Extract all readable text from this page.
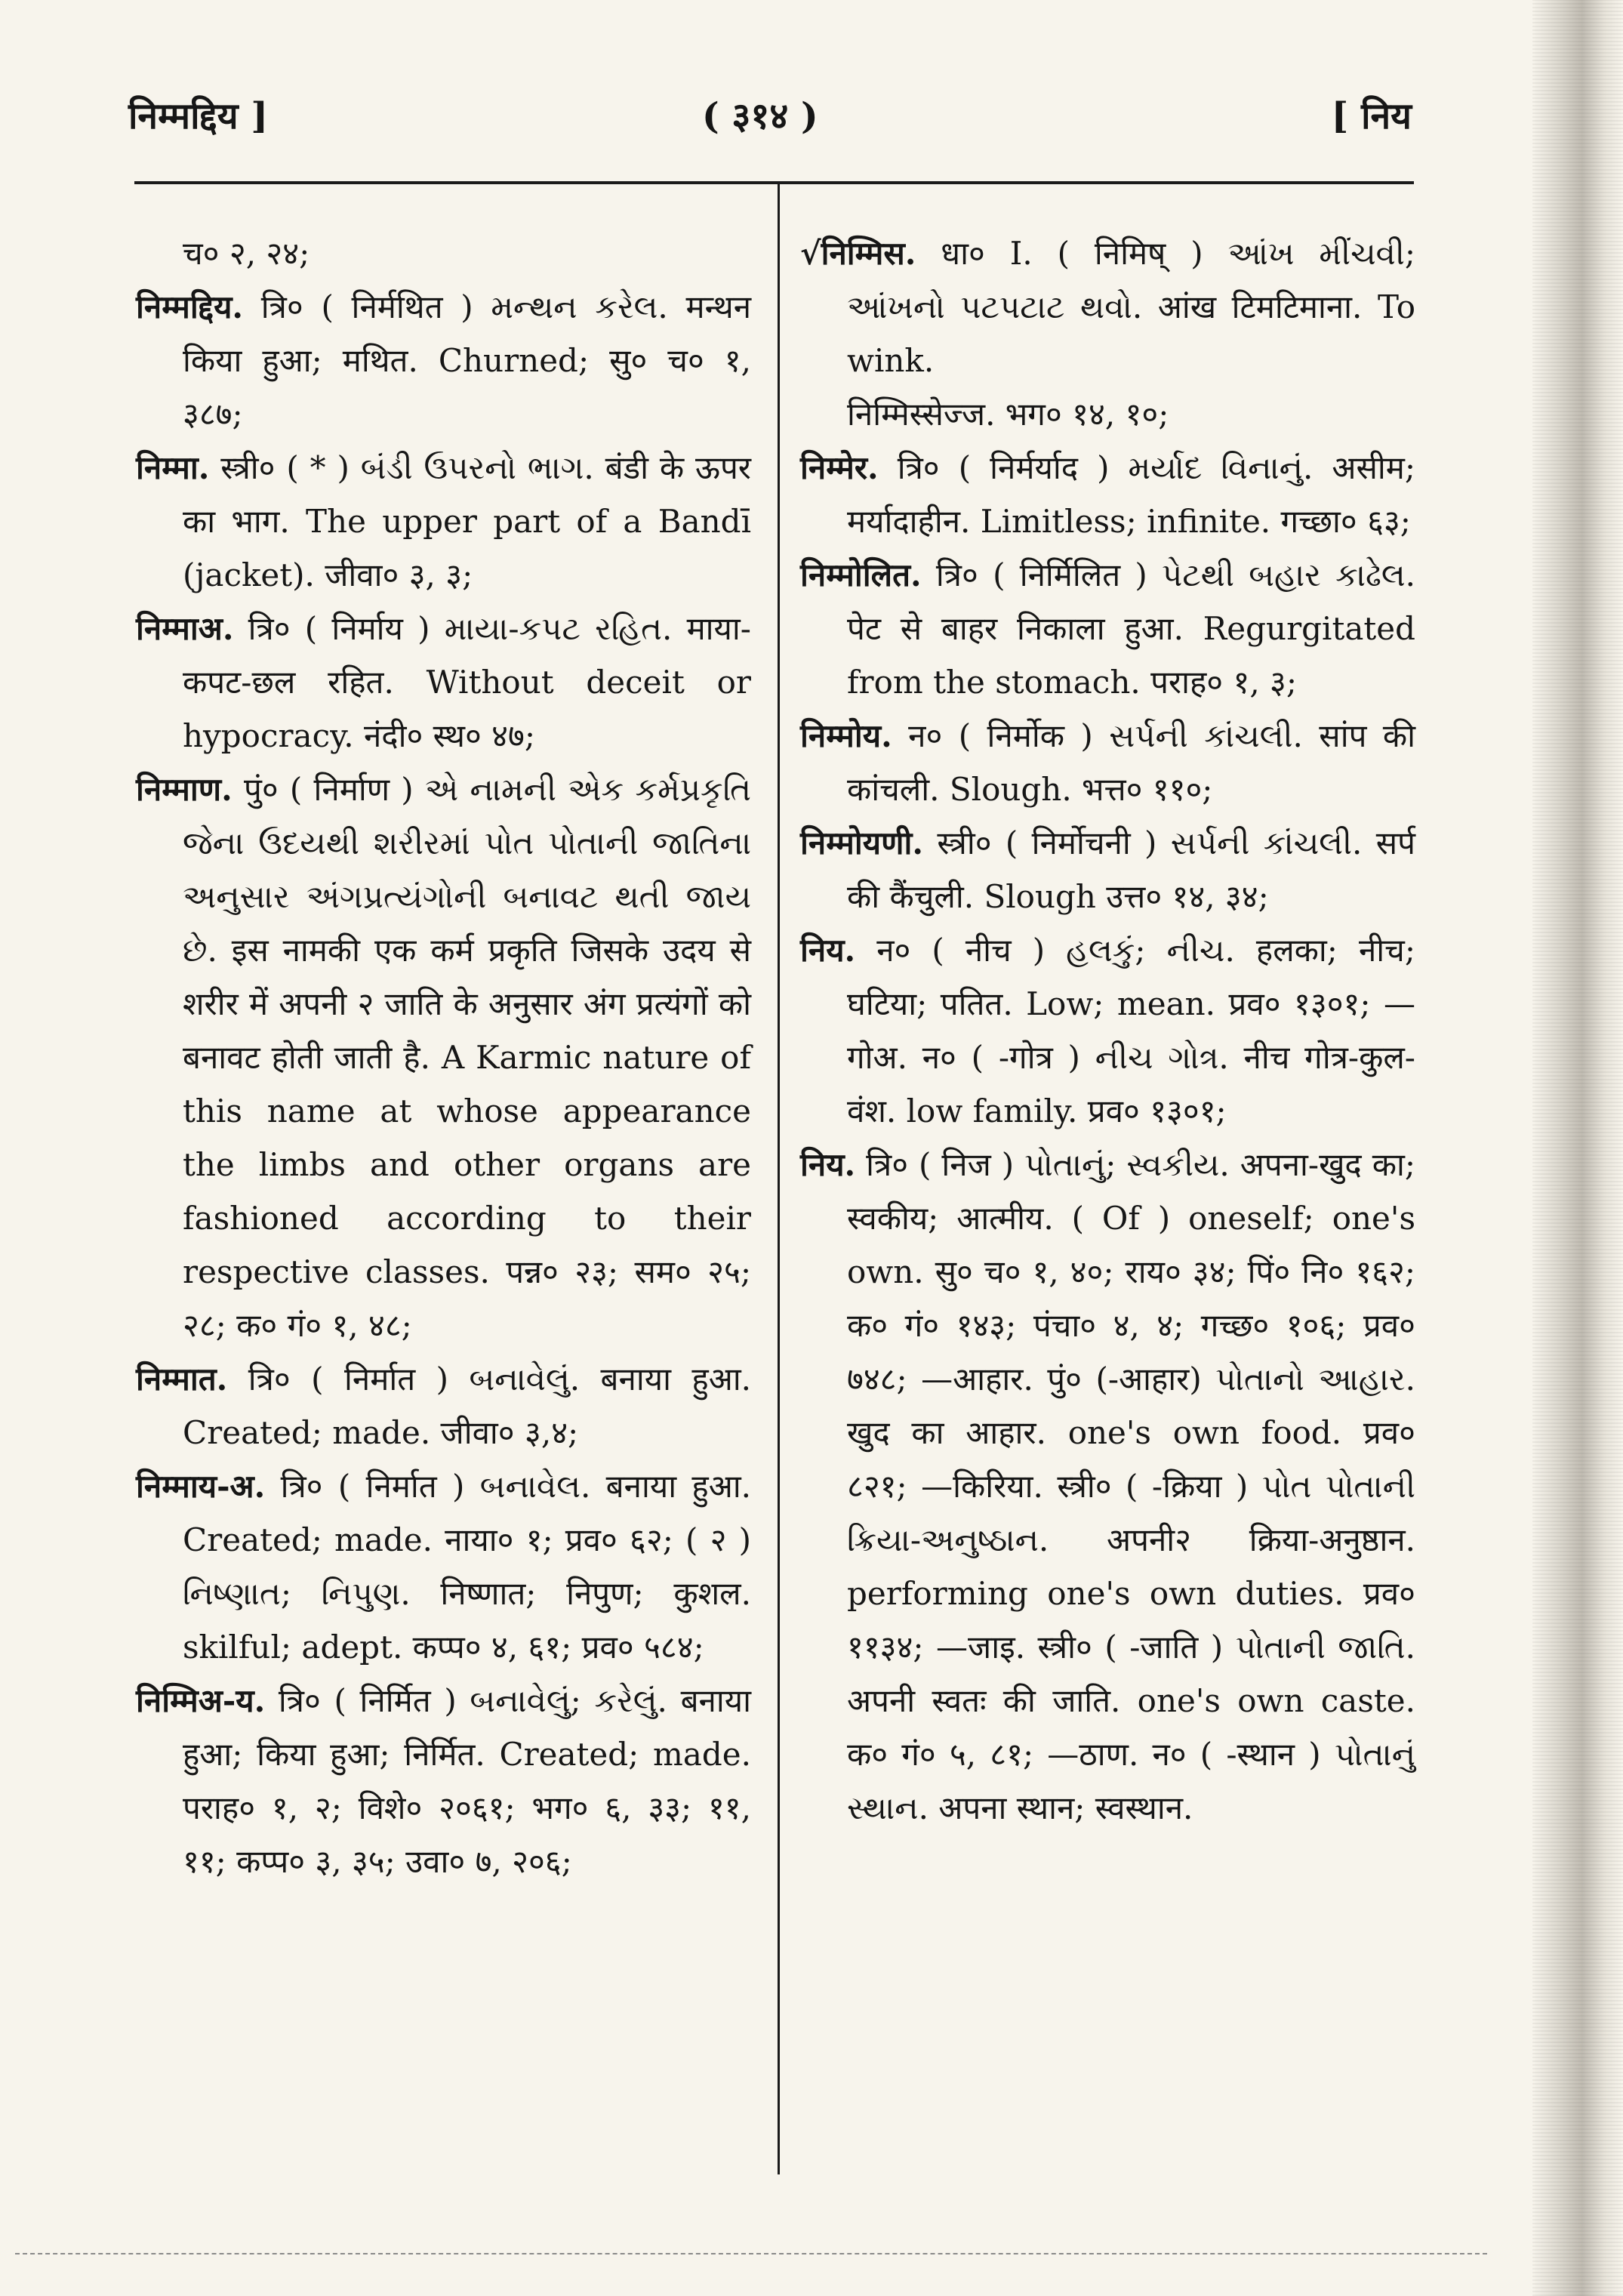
निम्मद्दिय ]	( ३१४ )	[ निय
च० २, २४;
निम्मद्दिय. त्रि० ( निर्मथित ) મન્થન કરેલ. मन्थन किया हुआ; मथित. Churned; सु० च० १, ३८७;
निम्मा. स्त्री० ( * ) બંડી ઉપરનો ભાગ. बंडी के ऊपर का भाग. The upper part of a Bandī (jacket). जीवा० ३, ३;
निम्माअ. त्रि० ( निर्माय ) માયા-કપટ રહિત. माया-कपट-छल रहित. Without deceit or hypocracy. नंदी० स्थ० ४७;
निम्माण. पुं० ( निर्माण ) એ નામની એક કર્મપ્રકૃતિ જેના ઉદયથી શરીરમાં પોત પોતાની જાતિના અનુસાર અંગપ્રત્યંગોની બનાવટ થતી જાય છે. इस नामकी एक कर्म प्रकृति जिसके उदय से शरीर में अपनी २ जाति के अनुसार अंग प्रत्यंगों को बनावट होती जाती है. A Karmic nature of this name at whose appearance the limbs and other organs are fashioned according to their respective classes. पन्न० २३; सम० २५; २८; क० गं० १, ४८;
निम्मात. त्रि० ( निर्मात ) બનાવેલું. बनाया हुआ. Created; made. जीवा० ३,४;
निम्माय-अ. त्रि० ( निर्मात ) બનાવેલ. बनाया हुआ. Created; made. नाया० १; प्रव० ६२; ( २ ) નિષ્ણાત; નિપુણ. निष्णात; निपुण; कुशल. skilful; adept. कप्प० ४, ६१; प्रव० ५८४;
निम्मिअ-य. त्रि० ( निर्मित ) બનાવેલું; કરેલું. बनाया हुआ; किया हुआ; निर्मित. Created; made. पराह० १, २; विशे० २०६१; भग० ६, ३३; ११, ११; कप्प० ३, ३५; उवा० ७, २०६;
√निम्मिस. धा० I. ( निमिष् ) આંખ મીંચવી; આંખનો પટપટાટ થવો. आंख टिमटिमाना. To wink.
निम्मिस्सेज्ज. भग० १४, १०;
निम्मेर. त्रि० ( निर्मर्याद ) મર્યાદ વિનાનું. असीम; मर्यादाहीन. Limitless; infinite. गच्छा० ६३;
निम्मोलित. त्रि० ( निर्मिलित ) પેટથી બહાર કાઢેલ. पेट से बाहर निकाला हुआ. Regurgitated from the stomach. पराह० १, ३;
निम्मोय. न० ( निर्मोक ) સર્પની કાંચલી. सांप की कांचली. Slough. भत्त० ११०;
निम्मोयणी. स्त्री० ( निर्मोचनी ) સર્પની કાંચલી. सर्प की कैंचुली. Slough उत्त० १४, ३४;
निय. न० ( नीच ) હલકું; નીચ. हलका; नीच; घटिया; पतित. Low; mean. प्रव० १३०१; —गोअ. न० ( -गोत्र ) નીચ ગોત્ર. नीच गोत्र-कुल-वंश. low family. प्रव० १३०१;
निय. त्रि० ( निज ) પોતાનું; સ્વકીય. अपना-खुद का; स्वकीय; आत्मीय. ( Of ) oneself; one's own. सु० च० १, ४०; राय० ३४; पिं० नि० १६२; क० गं० १४३; पंचा० ४, ४; गच्छ० १०६; प्रव० ७४८; —आहार. पुं० (-आहार) પોતાનો આહાર. खुद का आहार. one's own food. प्रव० ८२१; —किरिया. स्त्री० ( -क्रिया ) પોત પોતાની ક્રિયા-અનુષ્ઠાન. अपनी२ क्रिया-अनुष्ठान. performing one's own duties. प्रव० ११३४; —जाइ. स्त्री० ( -जाति ) પોતાની જાતિ. अपनी स्वतः की जाति. one's own caste. क० गं० ५, ८१; —ठाण. न० ( -स्थान ) પોતાનું સ્થાન. अपना स्थान; स्वस्थान.
